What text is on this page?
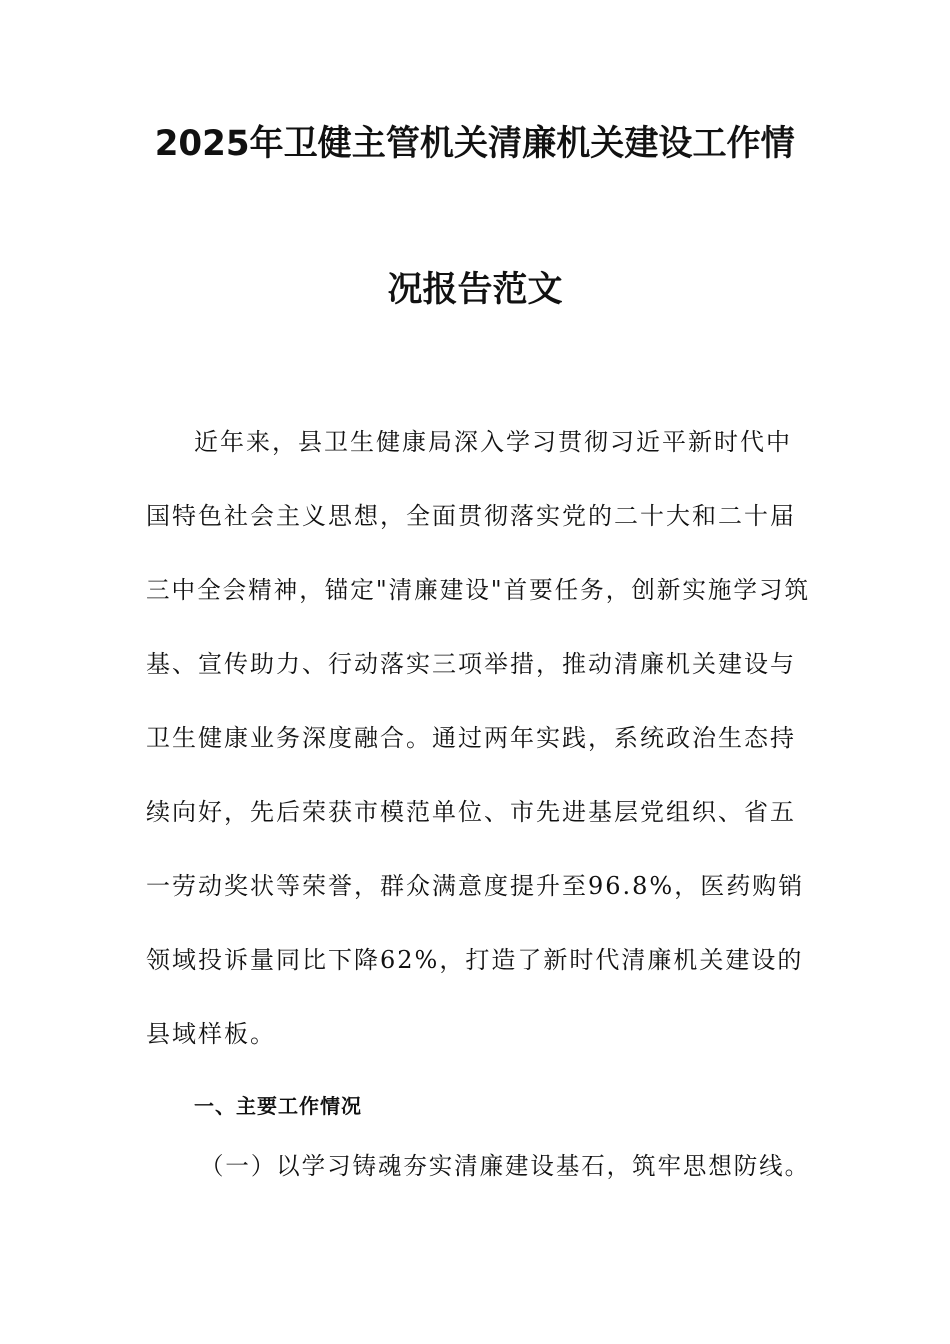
2025年卫健主管机关清廉机关建设工作情
况报告范文
近年来，县卫生健康局深入学习贯彻习近平新时代中
国特色社会主义思想，全面贯彻落实党的二十大和二十届
三中全会精神，锚定"清廉建设"首要任务，创新实施学习筑
基、宣传助力、行动落实三项举措，推动清廉机关建设与
卫生健康业务深度融合。通过两年实践，系统政治生态持
续向好，先后荣获市模范单位、市先进基层党组织、省五
一劳动奖状等荣誉，群众满意度提升至96.8%，医药购销
领域投诉量同比下降62%，打造了新时代清廉机关建设的
县域样板。
一、主要工作情况
（一）以学习铸魂夯实清廉建设基石，筑牢思想防线。
